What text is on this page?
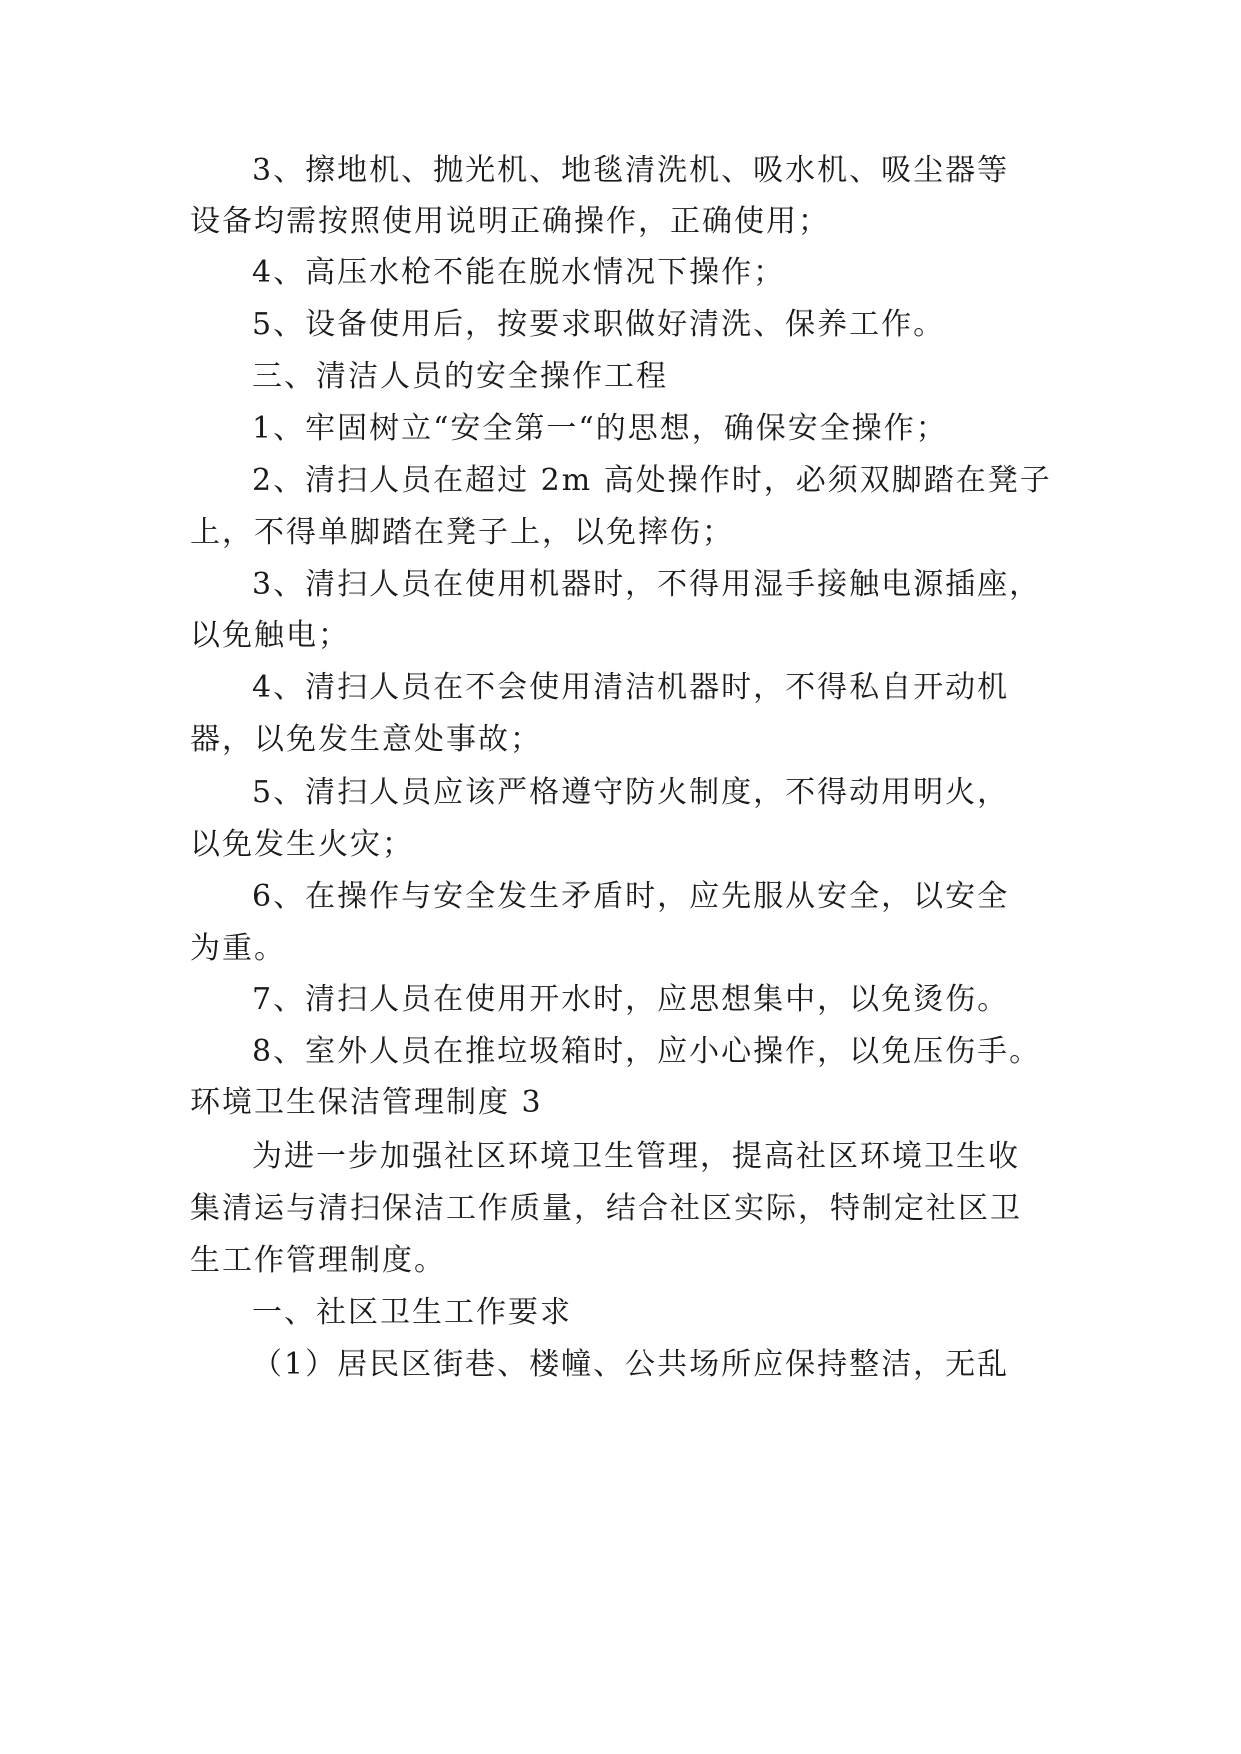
3、擦地机、抛光机、地毯清洗机、吸水机、吸尘器等
设备均需按照使用说明正确操作，正确使用；
4、高压水枪不能在脱水情况下操作；
5、设备使用后，按要求职做好清洗、保养工作。
三、清洁人员的安全操作工程
1、牢固树立“安全第一“的思想，确保安全操作；
2、清扫人员在超过 2m 高处操作时，必须双脚踏在凳子
上，不得单脚踏在凳子上，以免摔伤；
3、清扫人员在使用机器时，不得用湿手接触电源插座，
以免触电；
4、清扫人员在不会使用清洁机器时，不得私自开动机
器，以免发生意处事故；
5、清扫人员应该严格遵守防火制度，不得动用明火，
以免发生火灾；
6、在操作与安全发生矛盾时，应先服从安全，以安全
为重。
7、清扫人员在使用开水时，应思想集中，以免烫伤。
8、室外人员在推垃圾箱时，应小心操作，以免压伤手。
环境卫生保洁管理制度 3
为进一步加强社区环境卫生管理，提高社区环境卫生收
集清运与清扫保洁工作质量，结合社区实际，特制定社区卫
生工作管理制度。
一、社区卫生工作要求
（1）居民区街巷、楼幢、公共场所应保持整洁，无乱
